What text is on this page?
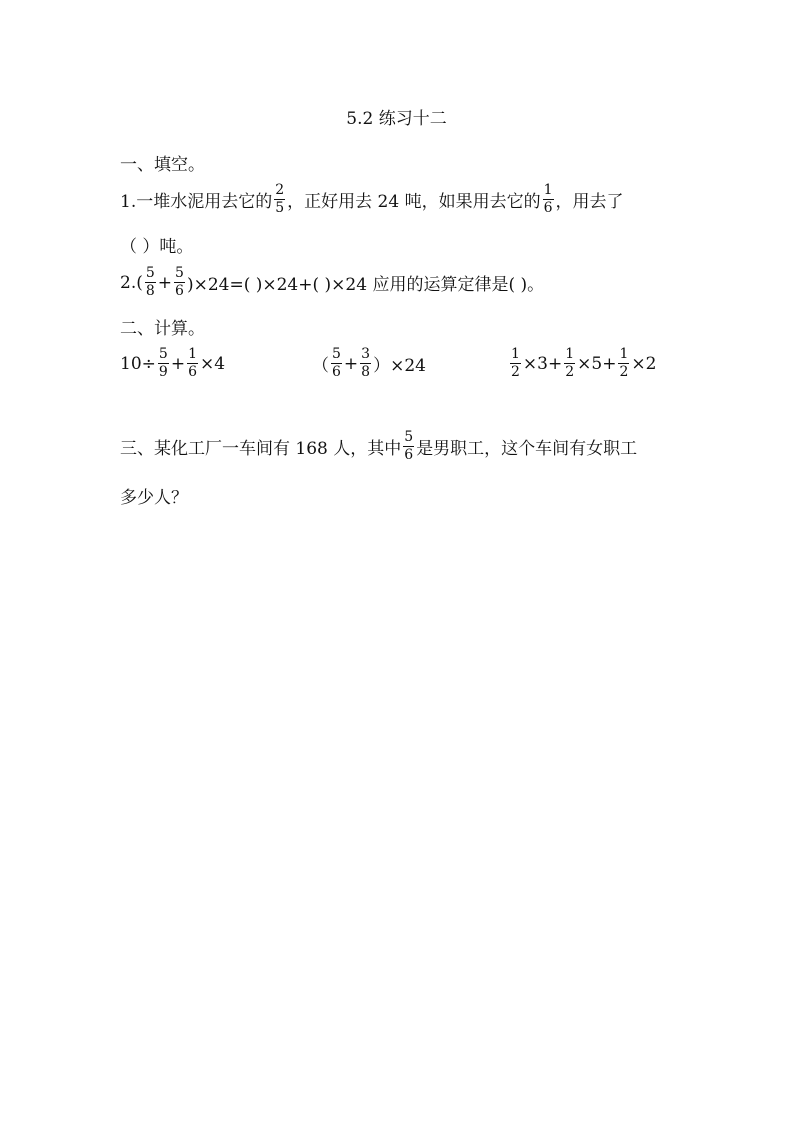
5.2 练习十二
一、填空。
1.一堆水泥用去它的 $\frac{2}{5}$ ，正好用去 24 吨，如果用去它的 $\frac{1}{6}$ ，用去了
（ ）吨。
$2.( \frac{5}{8} + \frac{5}{6} )\times 24=$( )×24+( )×24 应用的运算定律是( )。
二、计算。
$10\div \frac{5}{9} + \frac{1}{6} \times 4$	（ $\frac{5}{6} + \frac{3}{8} )\times 24$	$\frac{1}{2} \times 3+ \frac{1}{2} \times 5+ \frac{1}{2} \times 2$
三、某化工厂一车间有 168 人，其中 $\frac{5}{6}$ 是男职工，这个车间有女职工
多少人？
